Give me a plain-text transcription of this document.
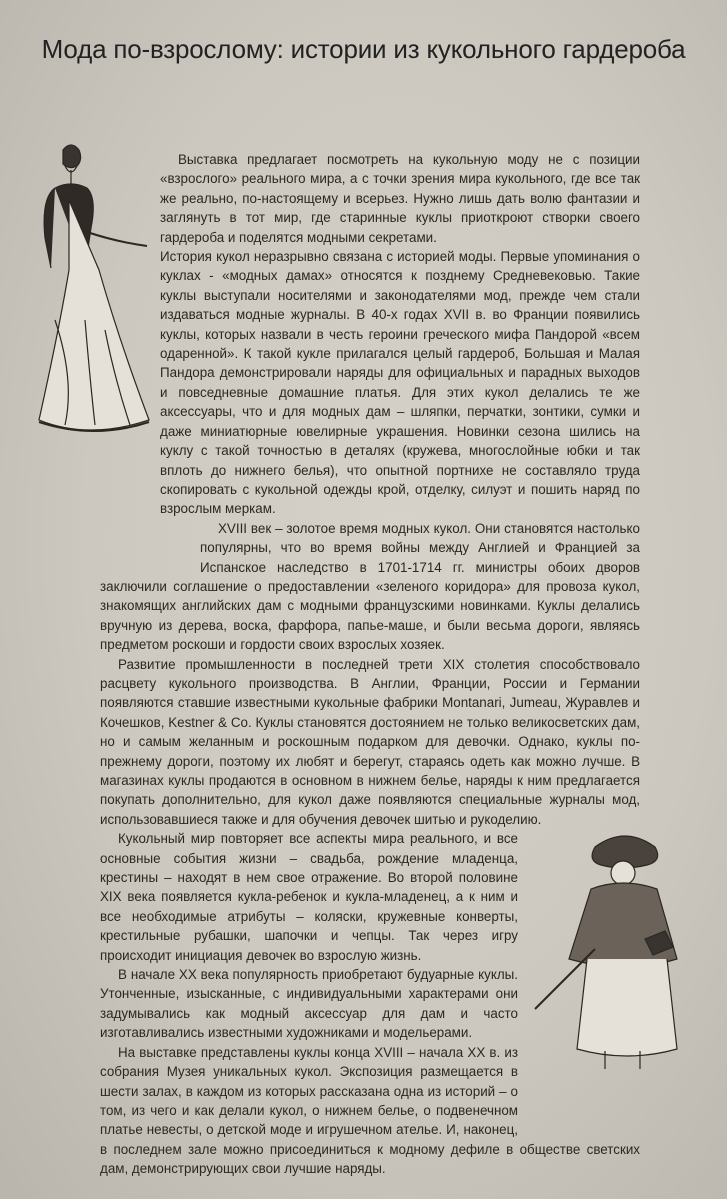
Мода по-взрослому: истории из кукольного гардероба

Выставка предлагает посмотреть на кукольную моду не с позиции «взрослого» реального мира, а с точки зрения мира кукольного, где все так же реально, по-настоящему и всерьез. Нужно лишь дать волю фантазии и заглянуть в тот мир, где старинные куклы приоткроют створки своего гардероба и поделятся модными секретами.

История кукол неразрывно связана с историей моды. Первые упоминания о куклах - «модных дамах» относятся к позднему Средневековью. Такие куклы выступали носителями и законодателями мод, прежде чем стали издаваться модные журналы. В 40-х годах XVII в. во Франции появились куклы, которых назвали в честь героини греческого мифа Пандорой «всем одаренной». К такой кукле прилагался целый гардероб, Большая и Малая Пандора демонстрировали наряды для официальных и парадных выходов и повседневные домашние платья. Для этих кукол делались те же аксессуары, что и для модных дам – шляпки, перчатки, зонтики, сумки и даже миниатюрные ювелирные украшения. Новинки сезона шились на куклу с такой точностью в деталях (кружева, многослойные юбки и так вплоть до нижнего белья), что опытной портнихе не составляло труда скопировать с кукольной одежды крой, отделку, силуэт и пошить наряд по взрослым меркам.

XVIII век – золотое время модных кукол. Они становятся настолько популярны, что во время войны между Англией и Францией за Испанское наследство в 1701-1714 гг. министры обоих дворов заключили соглашение о предоставлении «зеленого коридора» для провоза кукол, знакомящих английских дам с модными французскими новинками. Куклы делались вручную из дерева, воска, фарфора, папье-маше, и были весьма дороги, являясь предметом роскоши и гордости своих взрослых хозяек.

Развитие промышленности в последней трети XIX столетия способствовало расцвету кукольного производства. В Англии, Франции, России и Германии появляются ставшие известными кукольные фабрики Montanari, Jumeau, Журавлев и Кочешков, Kestner & Co. Куклы становятся достоянием не только великосветских дам, но и самым желанным и роскошным подарком для девочки. Однако, куклы по-прежнему дороги, поэтому их любят и берегут, стараясь одеть как можно лучше. В магазинах куклы продаются в основном в нижнем белье, наряды к ним предлагается покупать дополнительно, для кукол даже появляются специальные журналы мод, использовавшиеся также и для обучения девочек шитью и рукоделию.

Кукольный мир повторяет все аспекты мира реального, и все основные события жизни – свадьба, рождение младенца, крестины – находят в нем свое отражение. Во второй половине XIX века появляется кукла-ребенок и кукла-младенец, а к ним и все необходимые атрибуты – коляски, кружевные конверты, крестильные рубашки, шапочки и чепцы. Так через игру происходит инициация девочек во взрослую жизнь.

В начале XX века популярность приобретают будуарные куклы. Утонченные, изысканные, с индивидуальными характерами они задумывались как модный аксессуар для дам и часто изготавливались известными художниками и модельерами.

На выставке представлены куклы конца XVIII – начала XX в. из собрания Музея уникальных кукол. Экспозиция размещается в шести залах, в каждом из которых рассказана одна из историй – о том, из чего и как делали кукол, о нижнем белье, о подвенечном платье невесты, о детской моде и игрушечном ателье. И, наконец, в последнем зале можно присоединиться к модному дефиле в обществе светских дам, демонстрирующих свои лучшие наряды.
